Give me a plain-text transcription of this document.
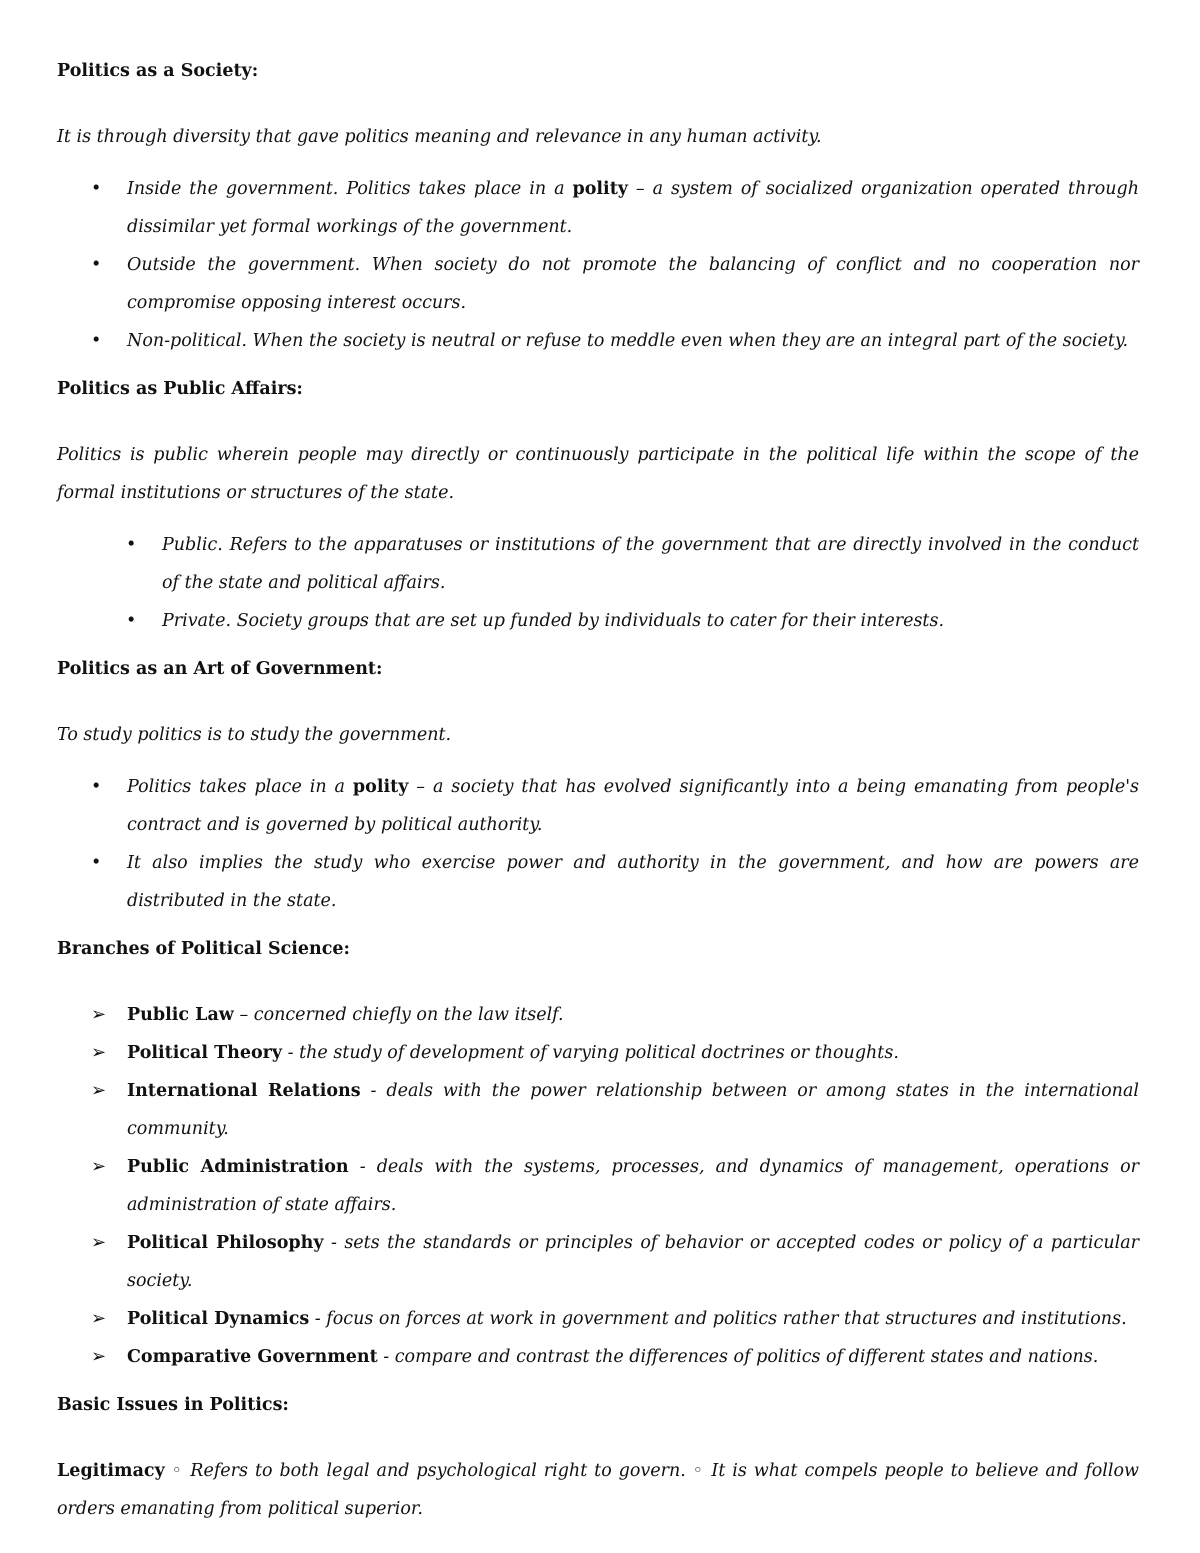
Politics as a Society:

It is through diversity that gave politics meaning and relevance in any human activity.

• Inside the government. Politics takes place in a polity – a system of socialized organization operated through dissimilar yet formal workings of the government.
• Outside the government. When society do not promote the balancing of conflict and no cooperation nor compromise opposing interest occurs.
• Non-political. When the society is neutral or refuse to meddle even when they are an integral part of the society.
Politics as Public Affairs:

Politics is public wherein people may directly or continuously participate in the political life within the scope of the formal institutions or structures of the state.

• Public. Refers to the apparatuses or institutions of the government that are directly involved in the conduct of the state and political affairs.
• Private. Society groups that are set up funded by individuals to cater for their interests.
Politics as an Art of Government:

To study politics is to study the government.

• Politics takes place in a polity – a society that has evolved significantly into a being emanating from people's contract and is governed by political authority.
• It also implies the study who exercise power and authority in the government, and how are powers are distributed in the state.
Branches of Political Science:
➢ Public Law – concerned chiefly on the law itself.
➢ Political Theory - the study of development of varying political doctrines or thoughts.
➢ International Relations - deals with the power relationship between or among states in the international community.
➢ Public Administration - deals with the systems, processes, and dynamics of management, operations or administration of state affairs.
➢ Political Philosophy - sets the standards or principles of behavior or accepted codes or policy of a particular society.
➢ Political Dynamics - focus on forces at work in government and politics rather that structures and institutions.
➢ Comparative Government - compare and contrast the differences of politics of different states and nations.
Basic Issues in Politics:

Legitimacy ◦ Refers to both legal and psychological right to govern. ◦ It is what compels people to believe and follow orders emanating from political superior.
